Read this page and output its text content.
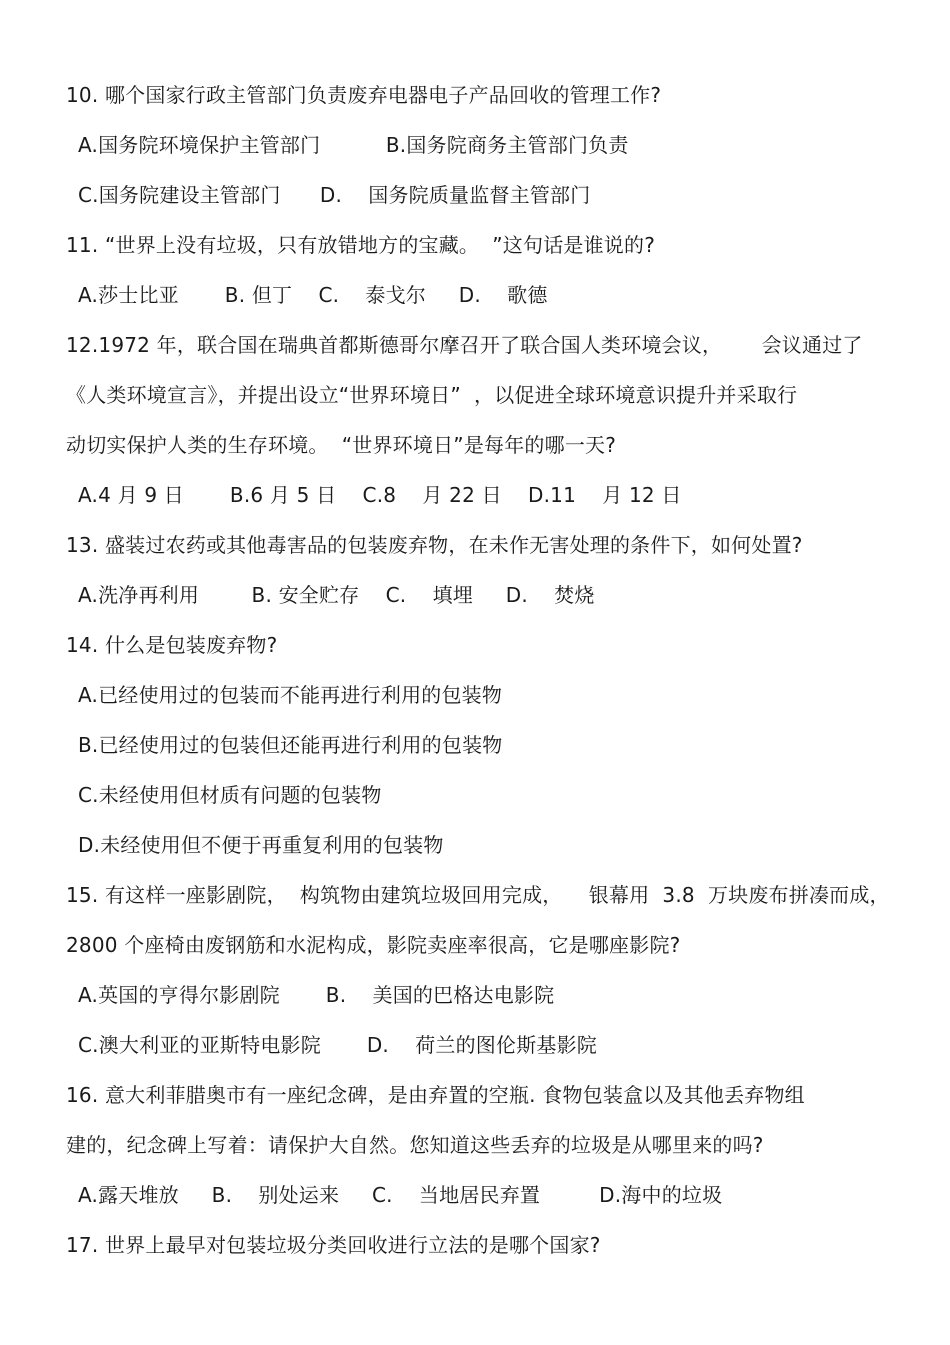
10. 哪个国家行政主管部门负责废弃电器电子产品回收的管理工作?
A.国务院环境保护主管部门          B.国务院商务主管部门负责
C.国务院建设主管部门      D.    国务院质量监督主管部门
11. “世界上没有垃圾，只有放错地方的宝藏。  ”这句话是谁说的?
A.莎士比亚       B. 但丁    C.    泰戈尔     D.    歌德
12.1972 年，联合国在瑞典首都斯德哥尔摩召开了联合国人类环境会议，      会议通过了
《人类环境宣言》，并提出设立“世界环境日”  ，以促进全球环境意识提升并采取行
动切实保护人类的生存环境。  “世界环境日”是每年的哪一天?
A.4 月 9 日       B.6 月 5 日    C.8    月 22 日    D.11    月 12 日
13. 盛装过农药或其他毒害品的包装废弃物，在未作无害处理的条件下，如何处置?
A.洗净再利用        B. 安全贮存    C.    填埋     D.    焚烧
14. 什么是包装废弃物?
A.已经使用过的包装而不能再进行利用的包装物
B.已经使用过的包装但还能再进行利用的包装物
C.未经使用但材质有问题的包装物
D.未经使用但不便于再重复利用的包装物
15. 有这样一座影剧院，  构筑物由建筑垃圾回用完成，    银幕用  3.8  万块废布拼凑而成，
2800 个座椅由废钢筋和水泥构成，影院卖座率很高，它是哪座影院?
A.英国的亨得尔影剧院       B.    美国的巴格达电影院
C.澳大利亚的亚斯特电影院       D.    荷兰的图伦斯基影院
16. 意大利菲腊奥市有一座纪念碑，是由弃置的空瓶. 食物包装盒以及其他丢弃物组
建的，纪念碑上写着：请保护大自然。您知道这些丢弃的垃圾是从哪里来的吗?
A.露天堆放     B.    别处运来     C.    当地居民弃置         D.海中的垃圾
17. 世界上最早对包装垃圾分类回收进行立法的是哪个国家?
